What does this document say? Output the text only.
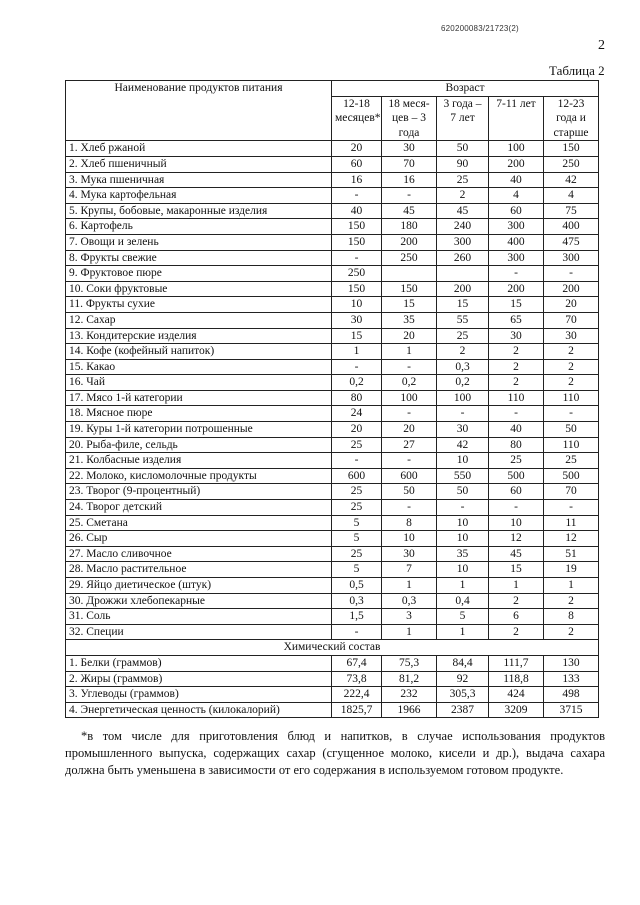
620200083/21723(2)
2
Таблица 2
Наименование продуктов питания	Возраст				
	12-18 месяцев*	18 меся-цев – 3 года	3 года – 7 лет	7-11 лет	12-23 года и старше
1. Хлеб ржаной	20	30	50	100	150
2. Хлеб пшеничный	60	70	90	200	250
3. Мука пшеничная	16	16	25	40	42
4. Мука картофельная	-	-	2	4	4
5. Крупы, бобовые, макаронные изделия	40	45	45	60	75
6. Картофель	150	180	240	300	400
7. Овощи и зелень	150	200	300	400	475
8. Фрукты свежие	-	250	260	300	300
9. Фруктовое пюре	250			-	-
10. Соки фруктовые	150	150	200	200	200
11. Фрукты сухие	10	15	15	15	20
12. Сахар	30	35	55	65	70
13. Кондитерские изделия	15	20	25	30	30
14. Кофе (кофейный напиток)	1	1	2	2	2
15. Какао	-	-	0,3	2	2
16. Чай	0,2	0,2	0,2	2	2
17. Мясо 1-й категории	80	100	100	110	110
18. Мясное пюре	24	-	-	-	-
19. Куры 1-й категории потрошенные	20	20	30	40	50
20. Рыба-филе, сельдь	25	27	42	80	110
21. Колбасные изделия	-	-	10	25	25
22. Молоко, кисломолочные продукты	600	600	550	500	500
23. Творог (9-процентный)	25	50	50	60	70
24. Творог детский	25	-	-	-	-
25. Сметана	5	8	10	10	11
26. Сыр	5	10	10	12	12
27. Масло сливочное	25	30	35	45	51
28. Масло растительное	5	7	10	15	19
29. Яйцо диетическое (штук)	0,5	1	1	1	1
30. Дрожжи хлебопекарные	0,3	0,3	0,4	2	2
31. Соль	1,5	3	5	6	8
32. Специи	-	1	1	2	2
Химический состав					
1. Белки (граммов)	67,4	75,3	84,4	111,7	130
2. Жиры (граммов)	73,8	81,2	92	118,8	133
3. Углеводы (граммов)	222,4	232	305,3	424	498
4. Энергетическая ценность (килокалорий)	1825,7	1966	2387	3209	3715
*в том числе для приготовления блюд и напитков, в случае использования продуктов промышленного выпуска, содержащих сахар (сгущенное молоко, кисели и др.), выдача сахара должна быть уменьшена в зависимости от его содержания в используемом готовом продукте.
